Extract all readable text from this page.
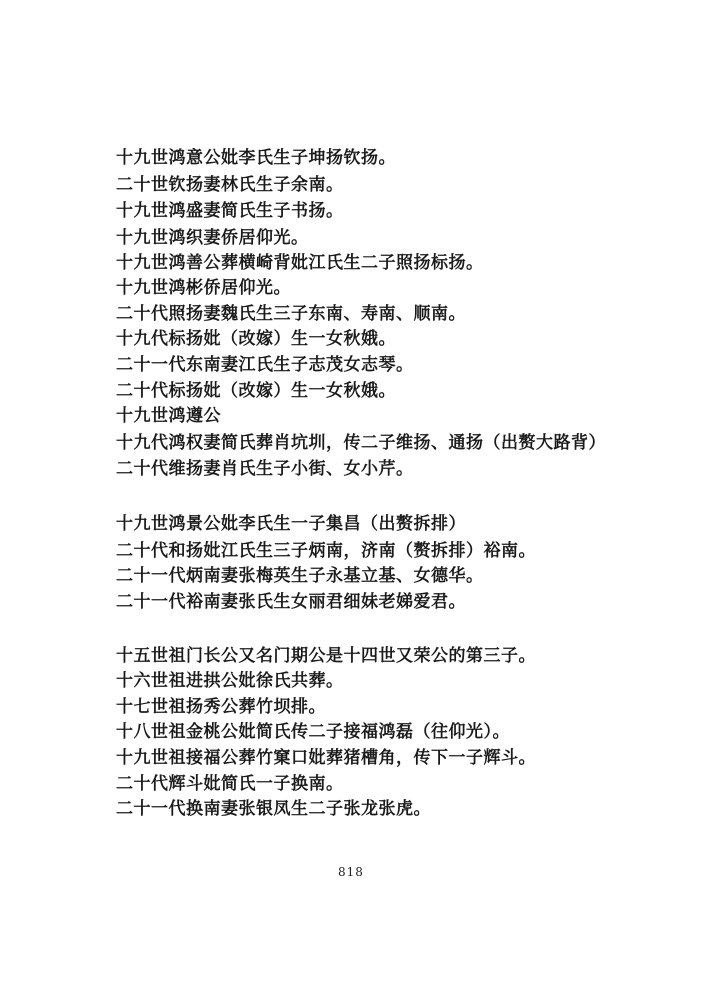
十九世鸿意公妣李氏生子坤扬钦扬。
二十世钦扬妻林氏生子余南。
十九世鸿盛妻简氏生子书扬。
十九世鸿织妻侨居仰光。
十九世鸿善公葬横崎背妣江氏生二子照扬标扬。
十九世鸿彬侨居仰光。
二十代照扬妻魏氏生三子东南、寿南、顺南。
十九代标扬妣（改嫁）生一女秋娥。
二十一代东南妻江氏生子志茂女志琴。
二十代标扬妣（改嫁）生一女秋娥。
十九世鸿遵公
十九代鸿权妻简氏葬肖坑圳，传二子维扬、通扬（出赘大路背）
二十代维扬妻肖氏生子小街、女小芹。
十九世鸿景公妣李氏生一子集昌（出赘拆排）
二十代和扬妣江氏生三子炳南，济南（赘拆排）裕南。
二十一代炳南妻张梅英生子永基立基、女德华。
二十一代裕南妻张氏生女丽君细妹老娣爱君。
十五世祖门长公又名门期公是十四世又荣公的第三子。
十六世祖进拱公妣徐氏共葬。
十七世祖扬秀公葬竹坝排。
十八世祖金桃公妣简氏传二子接福鸿磊（往仰光）。
十九世祖接福公葬竹窠口妣葬猪槽角，传下一子辉斗。
二十代辉斗妣简氏一子换南。
二十一代换南妻张银凤生二子张龙张虎。
818
